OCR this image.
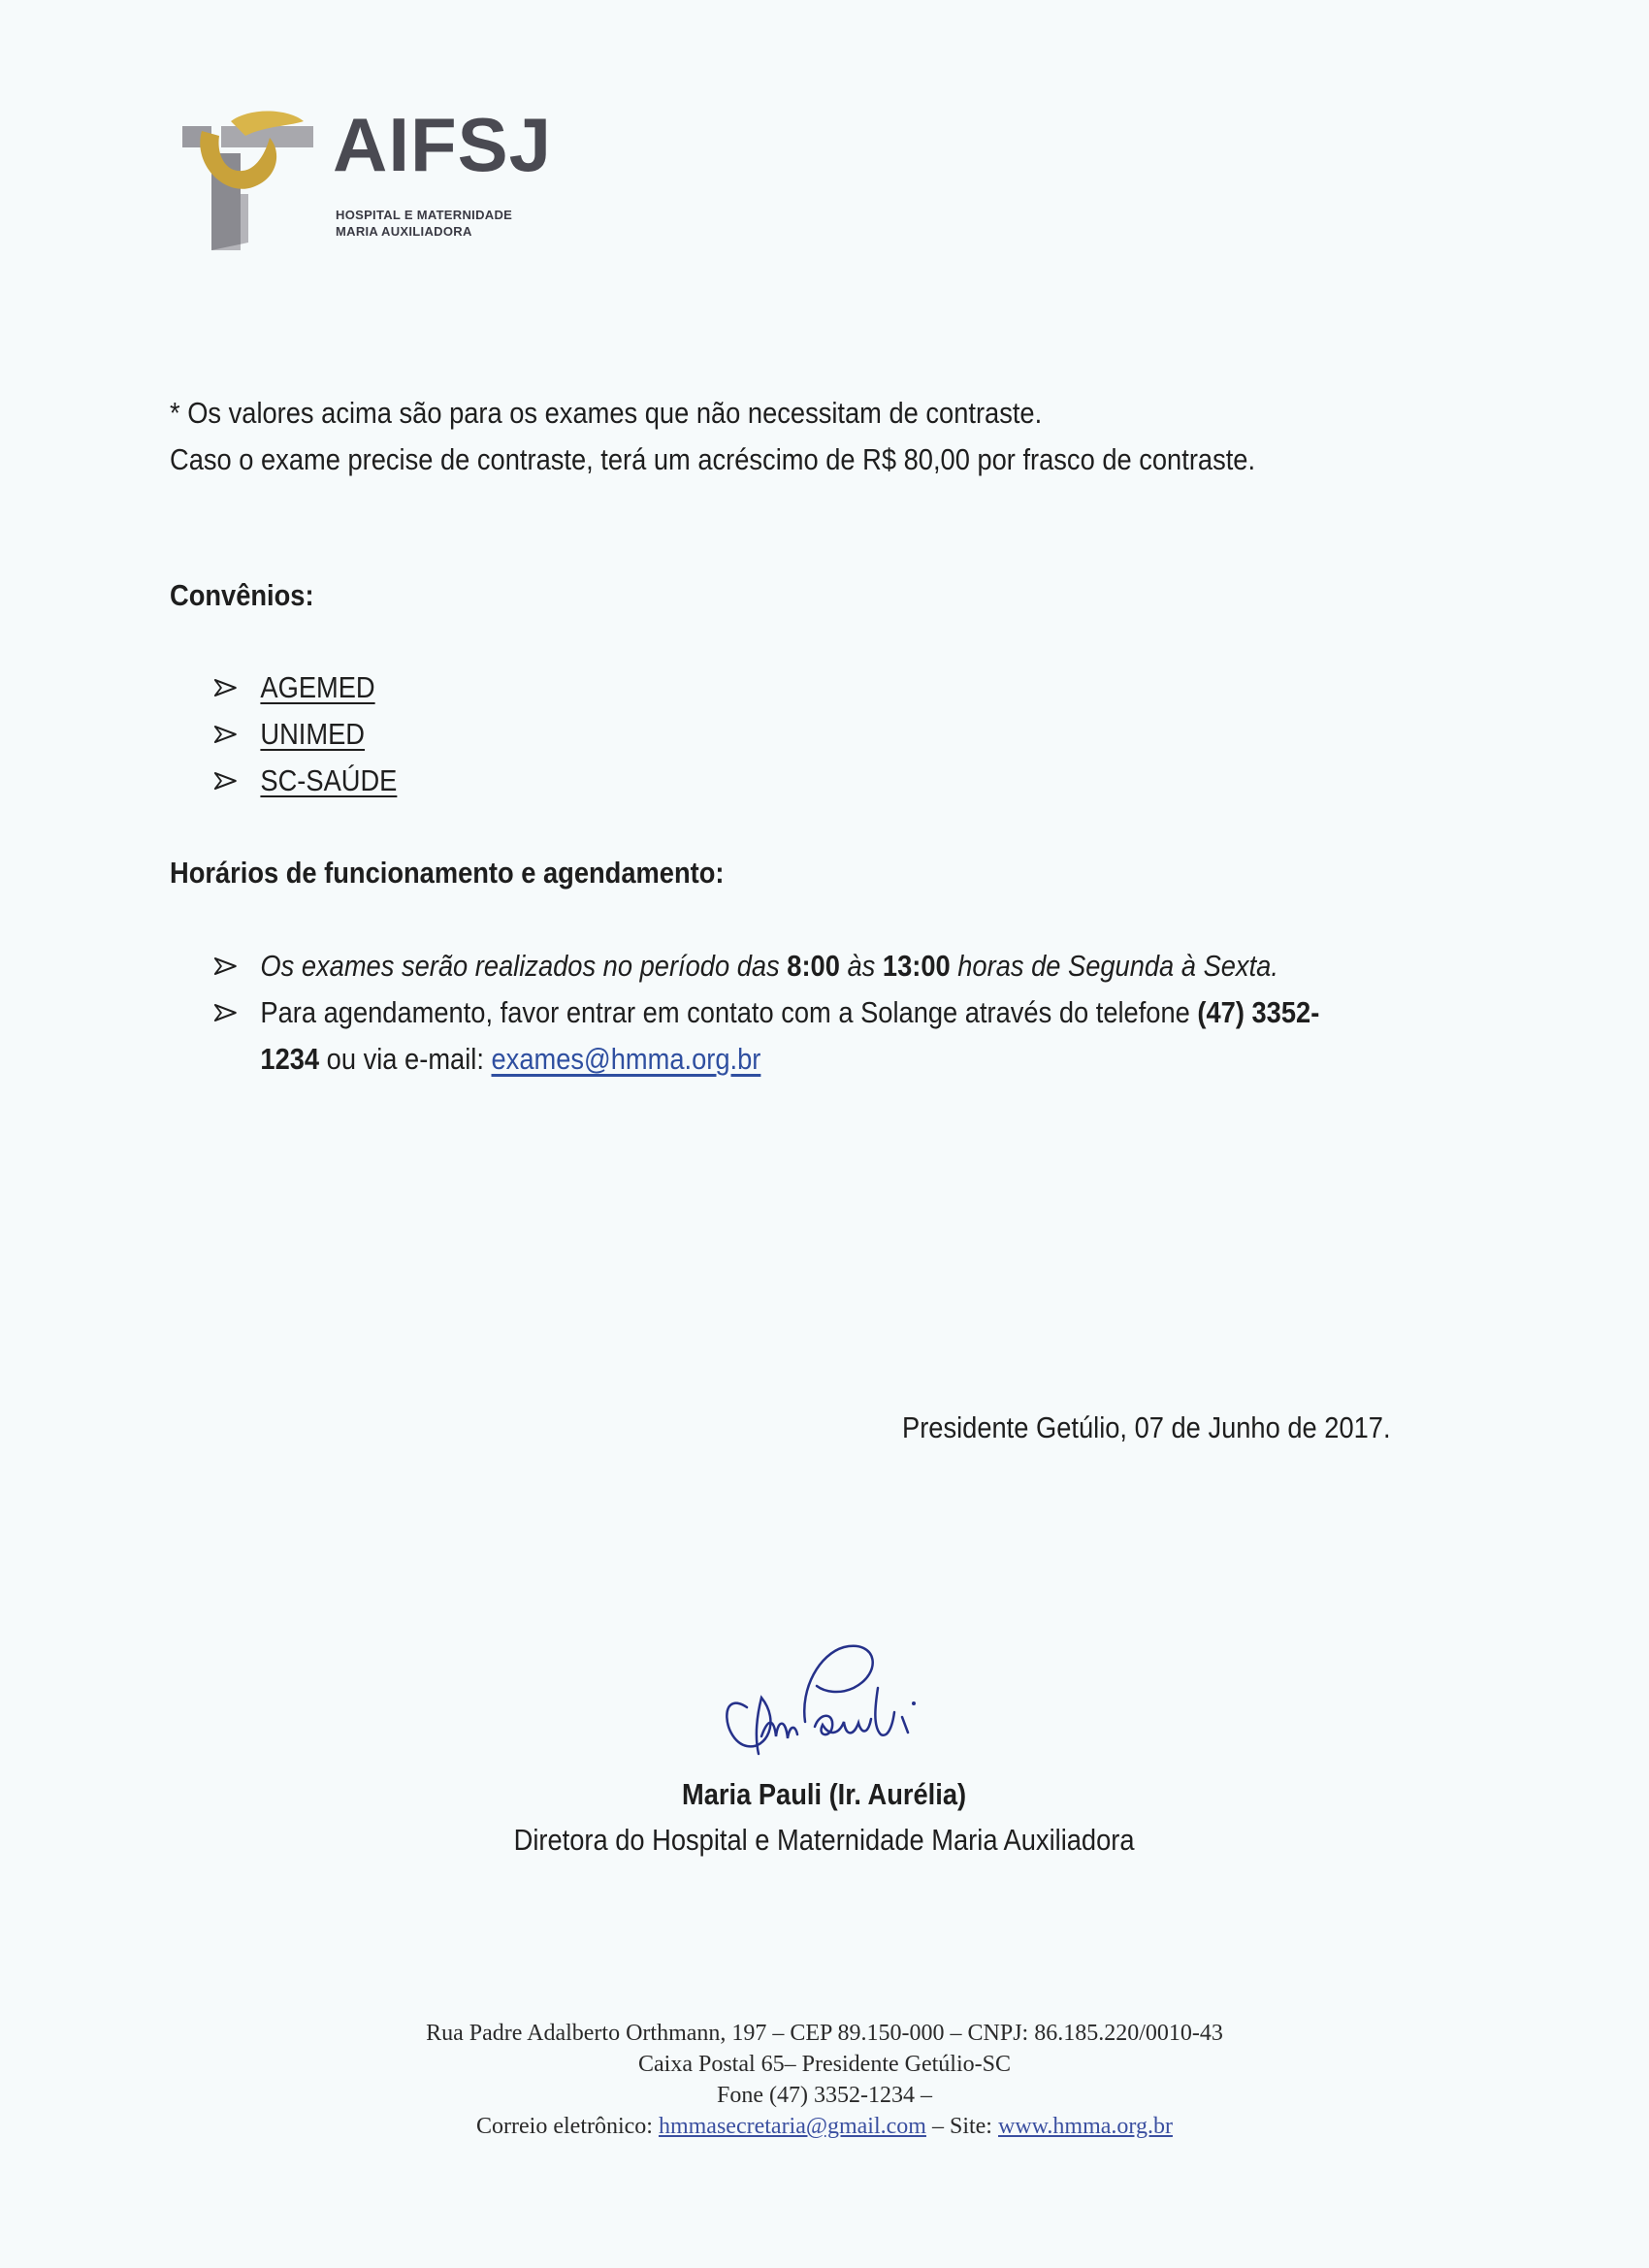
AIFSJ
HOSPITAL E MATERNIDADE
MARIA AUXILIADORA
* Os valores acima são para os exames que não necessitam de contraste.
Caso o exame precise de contraste, terá um acréscimo de R$ 80,00 por frasco de contraste.
Convênios:
AGEMED
UNIMED
SC-SAÚDE
Horários de funcionamento e agendamento:
Os exames serão realizados no período das 8:00 às 13:00 horas de Segunda à Sexta.
Para agendamento, favor entrar em contato com a Solange através do telefone (47) 3352-
1234 ou via e-mail: exames@hmma.org.br
Presidente Getúlio, 07 de Junho de 2017.
Maria Pauli (Ir. Aurélia)
Diretora do Hospital e Maternidade Maria Auxiliadora
Rua Padre Adalberto Orthmann, 197 – CEP 89.150-000 – CNPJ: 86.185.220/0010-43
Caixa Postal 65– Presidente Getúlio-SC
Fone (47) 3352-1234 –
Correio eletrônico: hmmasecretaria@gmail.com – Site: www.hmma.org.br
